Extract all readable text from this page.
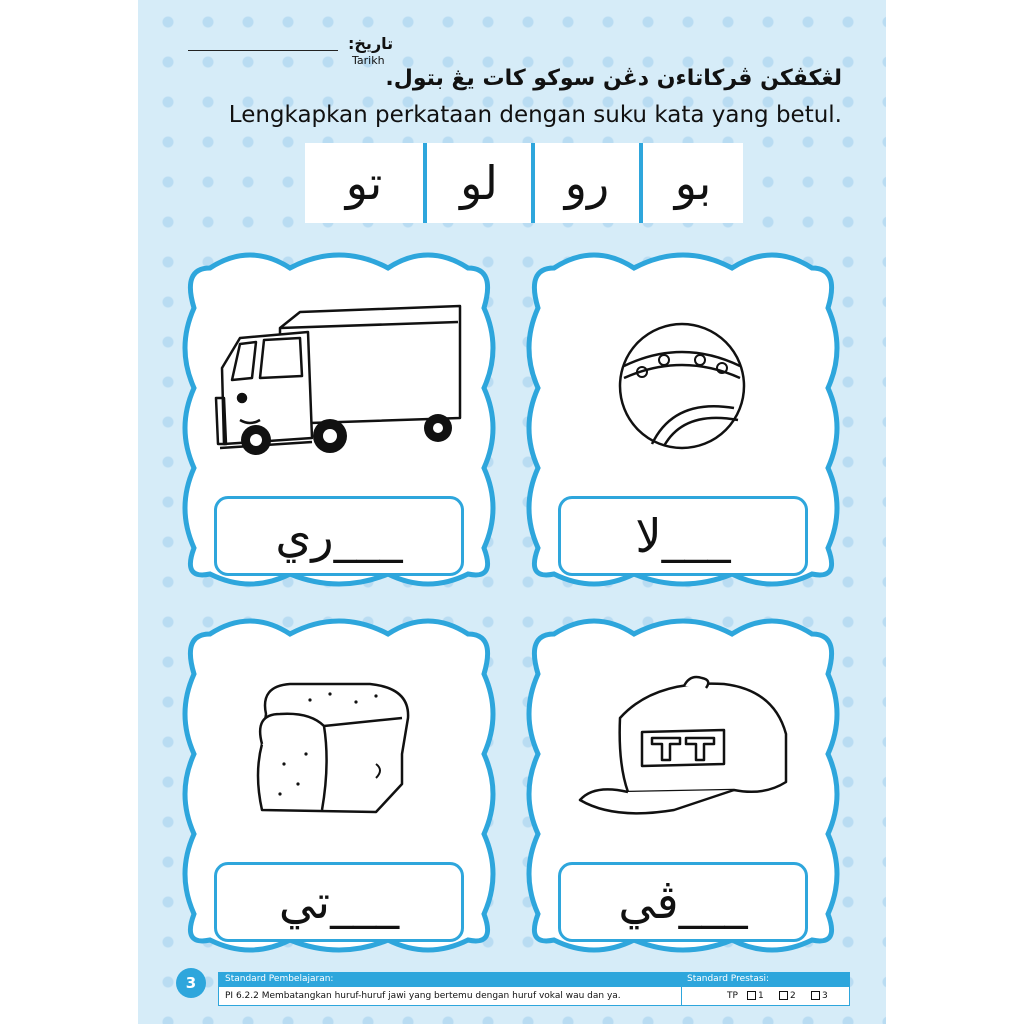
تاريخ:
Tarikh
لڠکڤکن ڤرکاتاءن دڠن سوکو کات يڠ بتول.
Lengkapkan perkataan dengan suku kata yang betul.
تو	لو	رو	بو
___ري	___لا
___تي	___ڤي
3	Standard Pembelajaran:	Standard Prestasi:
PI 6.2.2 Membatangkan huruf-huruf jawi yang bertemu dengan huruf vokal wau dan ya.	TP 1	2	3
